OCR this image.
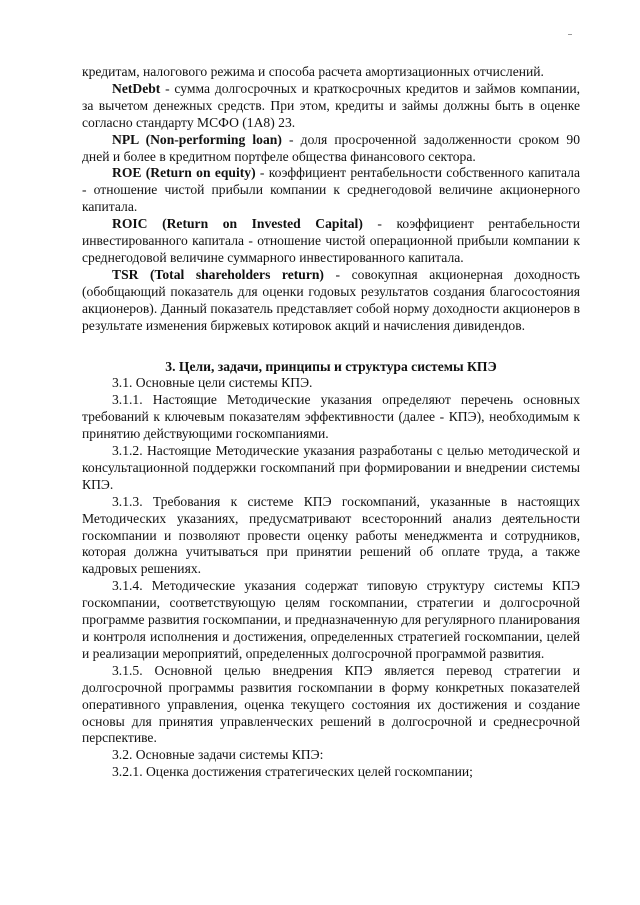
кредитам, налогового режима и способа расчета амортизационных отчислений.

NetDebt - сумма долгосрочных и краткосрочных кредитов и займов компании, за вычетом денежных средств. При этом, кредиты и займы должны быть в оценке согласно стандарту МСФО (1А8) 23.

NPL (Non-performing loan) - доля просроченной задолженности сроком 90 дней и более в кредитном портфеле общества финансового сектора.

ROE (Return on equity) - коэффициент рентабельности собственного капитала - отношение чистой прибыли компании к среднегодовой величине акционерного капитала.

ROIC (Return on Invested Capital) - коэффициент рентабельности инвестированного капитала - отношение чистой операционной прибыли компании к среднегодовой величине суммарного инвестированного капитала.

TSR (Total shareholders return) - совокупная акционерная доходность (обобщающий показатель для оценки годовых результатов создания благосостояния акционеров). Данный показатель представляет собой норму доходности акционеров в результате изменения биржевых котировок акций и начисления дивидендов.

3. Цели, задачи, принципы и структура системы КПЭ

3.1. Основные цели системы КПЭ.

3.1.1. Настоящие Методические указания определяют перечень основных требований к ключевым показателям эффективности (далее - КПЭ), необходимым к принятию действующими госкомпаниями.

3.1.2. Настоящие Методические указания разработаны с целью методической и консультационной поддержки госкомпаний при формировании и внедрении системы КПЭ.

3.1.3. Требования к системе КПЭ госкомпаний, указанные в настоящих Методических указаниях, предусматривают всесторонний анализ деятельности госкомпании и позволяют провести оценку работы менеджмента и сотрудников, которая должна учитываться при принятии решений об оплате труда, а также кадровых решениях.

3.1.4. Методические указания содержат типовую структуру системы КПЭ госкомпании, соответствующую целям госкомпании, стратегии и долгосрочной программе развития госкомпании, и предназначенную для регулярного планирования и контроля исполнения и достижения, определенных стратегией госкомпании, целей и реализации мероприятий, определенных долгосрочной программой развития.

3.1.5. Основной целью внедрения КПЭ является перевод стратегии и долгосрочной программы развития госкомпании в форму конкретных показателей оперативного управления, оценка текущего состояния их достижения и создание основы для принятия управленческих решений в долгосрочной и среднесрочной перспективе.

3.2. Основные задачи системы КПЭ:

3.2.1. Оценка достижения стратегических целей госкомпании;
